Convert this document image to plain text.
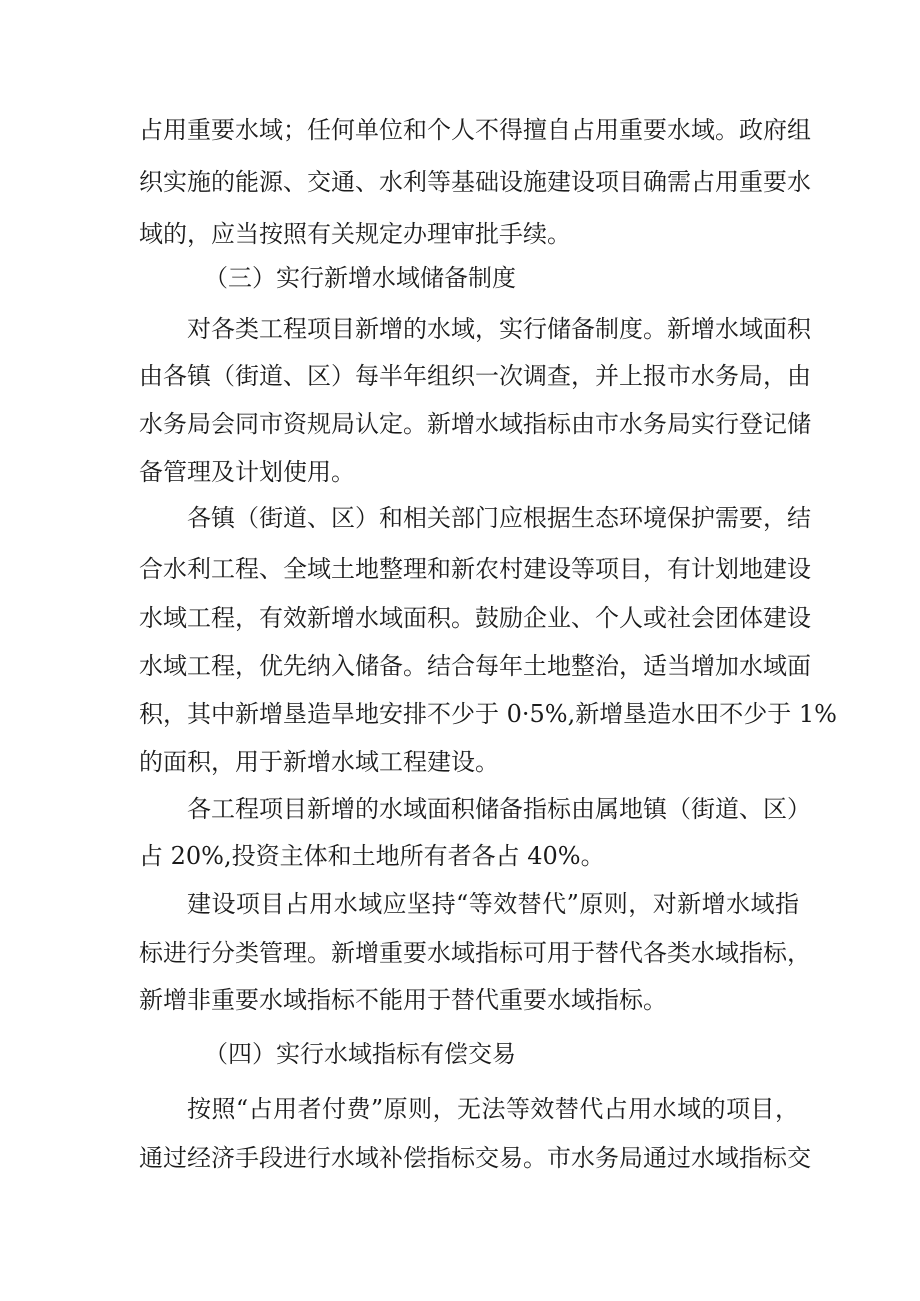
占用重要水域；任何单位和个人不得擅自占用重要水域。政府组
织实施的能源、交通、水利等基础设施建设项目确需占用重要水
域的，应当按照有关规定办理审批手续。
（三）实行新增水域储备制度
对各类工程项目新增的水域，实行储备制度。新增水域面积
由各镇（街道、区）每半年组织一次调查，并上报市水务局，由
水务局会同市资规局认定。新增水域指标由市水务局实行登记储
备管理及计划使用。
各镇（街道、区）和相关部门应根据生态环境保护需要，结
合水利工程、全域土地整理和新农村建设等项目，有计划地建设
水域工程，有效新增水域面积。鼓励企业、个人或社会团体建设
水域工程，优先纳入储备。结合每年土地整治，适当增加水域面
积，其中新增垦造旱地安排不少于 0·5%,新增垦造水田不少于 1%
的面积，用于新增水域工程建设。
各工程项目新增的水域面积储备指标由属地镇（街道、区）
占 20%,投资主体和土地所有者各占 40%。
建设项目占用水域应坚持“等效替代”原则，对新增水域指
标进行分类管理。新增重要水域指标可用于替代各类水域指标，
新增非重要水域指标不能用于替代重要水域指标。
（四）实行水域指标有偿交易
按照“占用者付费”原则，无法等效替代占用水域的项目，
通过经济手段进行水域补偿指标交易。市水务局通过水域指标交
